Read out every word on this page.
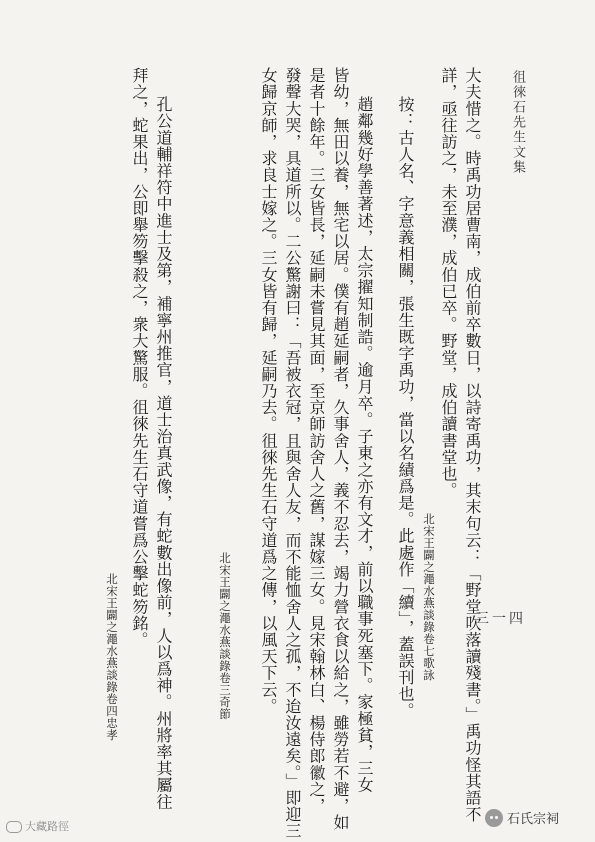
徂徠石先生文集
三一四
大夫惜之。時禹功居曹南，成伯前卒數日，以詩寄禹功，其末句云：「野堂吹落讀殘書。」禹功怪其語不
詳，亟往訪之，未至濮，成伯已卒。野堂，成伯讀書堂也。
按：古人名、字意義相關，張生既字禹功，當以名績爲是。此處作「續」，蓋誤刊也。
趙鄰幾好學善著述，太宗擢知制誥。逾月卒。子東之亦有文才，前以職事死塞下。家極貧，三女
皆幼，無田以養，無宅以居。僕有趙延嗣者，久事舍人，義不忍去，竭力營衣食以給之，雖勞若不避，如
是者十餘年。三女皆長，延嗣未嘗見其面，至京師訪舍人之舊，謀嫁三女。見宋翰林白、楊侍郎徽之，
發聲大哭，具道所以。二公驚謝曰：「吾被衣冠，且與舍人友，而不能恤舍人之孤，不迨汝遠矣。」即迎三
女歸京師，求良士嫁之。三女皆有歸，延嗣乃去。徂徠先生石守道爲之傳，以風天下云。
孔公道輔祥符中進士及第，補寧州推官，道士治真武像，有蛇數出像前，人以爲神。州將率其屬往
拜之，蛇果出，公即舉笏擊殺之，衆大驚服。徂徠先生石守道嘗爲公擊蛇笏銘。	北宋王闢之澠水燕談錄卷七歌詠
北宋王闢之澠水燕談錄卷三奇節
北宋王闢之澠水燕談錄卷四忠孝
大藏路徑	石氏宗祠
